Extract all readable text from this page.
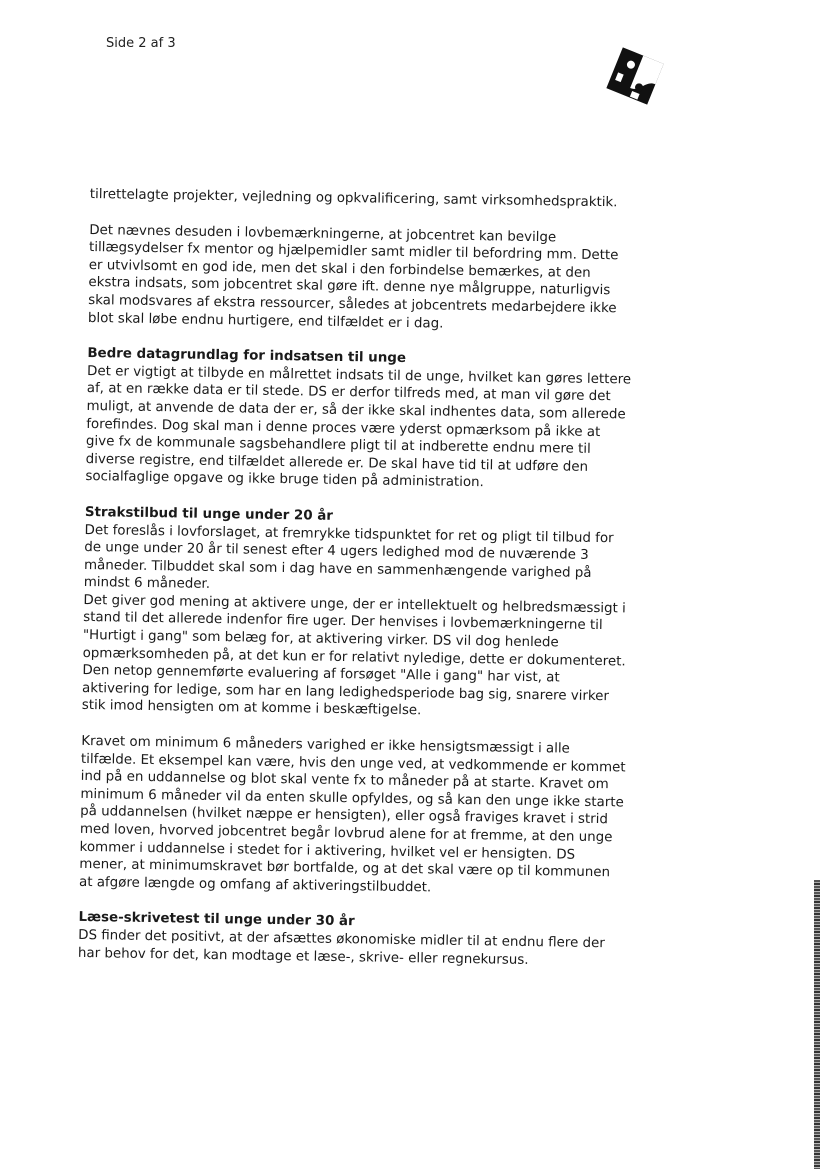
Side 2 af 3

tilrettelagte projekter, vejledning og opkvalificering, samt virksomhedspraktik.

Det nævnes desuden i lovbemærkningerne, at jobcentret kan bevilge tillægsydelser fx mentor og hjælpemidler samt midler til befordring mm. Dette er utvivlsomt en god ide, men det skal i den forbindelse bemærkes, at den ekstra indsats, som jobcentret skal gøre ift. denne nye målgruppe, naturligvis skal modsvares af ekstra ressourcer, således at jobcentrets medarbejdere ikke blot skal løbe endnu hurtigere, end tilfældet er i dag.

Bedre datagrundlag for indsatsen til unge

Det er vigtigt at tilbyde en målrettet indsats til de unge, hvilket kan gøres lettere af, at en række data er til stede. DS er derfor tilfreds med, at man vil gøre det muligt, at anvende de data der er, så der ikke skal indhentes data, som allerede forefindes. Dog skal man i denne proces være yderst opmærksom på ikke at give fx de kommunale sagsbehandlere pligt til at indberette endnu mere til diverse registre, end tilfældet allerede er. De skal have tid til at udføre den socialfaglige opgave og ikke bruge tiden på administration.

Strakstilbud til unge under 20 år

Det foreslås i lovforslaget, at fremrykke tidspunktet for ret og pligt til tilbud for de unge under 20 år til senest efter 4 ugers ledighed mod de nuværende 3 måneder. Tilbuddet skal som i dag have en sammenhængende varighed på mindst 6 måneder.

Det giver god mening at aktivere unge, der er intellektuelt og helbredsmæssigt i stand til det allerede indenfor fire uger. Der henvises i lovbemærkningerne til "Hurtigt i gang" som belæg for, at aktivering virker. DS vil dog henlede opmærksomheden på, at det kun er for relativt nyledige, dette er dokumenteret. Den netop gennemførte evaluering af forsøget "Alle i gang" har vist, at aktivering for ledige, som har en lang ledighedsperiode bag sig, snarere virker stik imod hensigten om at komme i beskæftigelse.

Kravet om minimum 6 måneders varighed er ikke hensigtsmæssigt i alle tilfælde. Et eksempel kan være, hvis den unge ved, at vedkommende er kommet ind på en uddannelse og blot skal vente fx to måneder på at starte. Kravet om minimum 6 måneder vil da enten skulle opfyldes, og så kan den unge ikke starte på uddannelsen (hvilket næppe er hensigten), eller også fraviges kravet i strid med loven, hvorved jobcentret begår lovbrud alene for at fremme, at den unge kommer i uddannelse i stedet for i aktivering, hvilket vel er hensigten. DS mener, at minimumskravet bør bortfalde, og at det skal være op til kommunen at afgøre længde og omfang af aktiveringstilbuddet.

Læse-skrivetest til unge under 30 år

DS finder det positivt, at der afsættes økonomiske midler til at endnu flere der har behov for det, kan modtage et læse-, skrive- eller regnekursus.
